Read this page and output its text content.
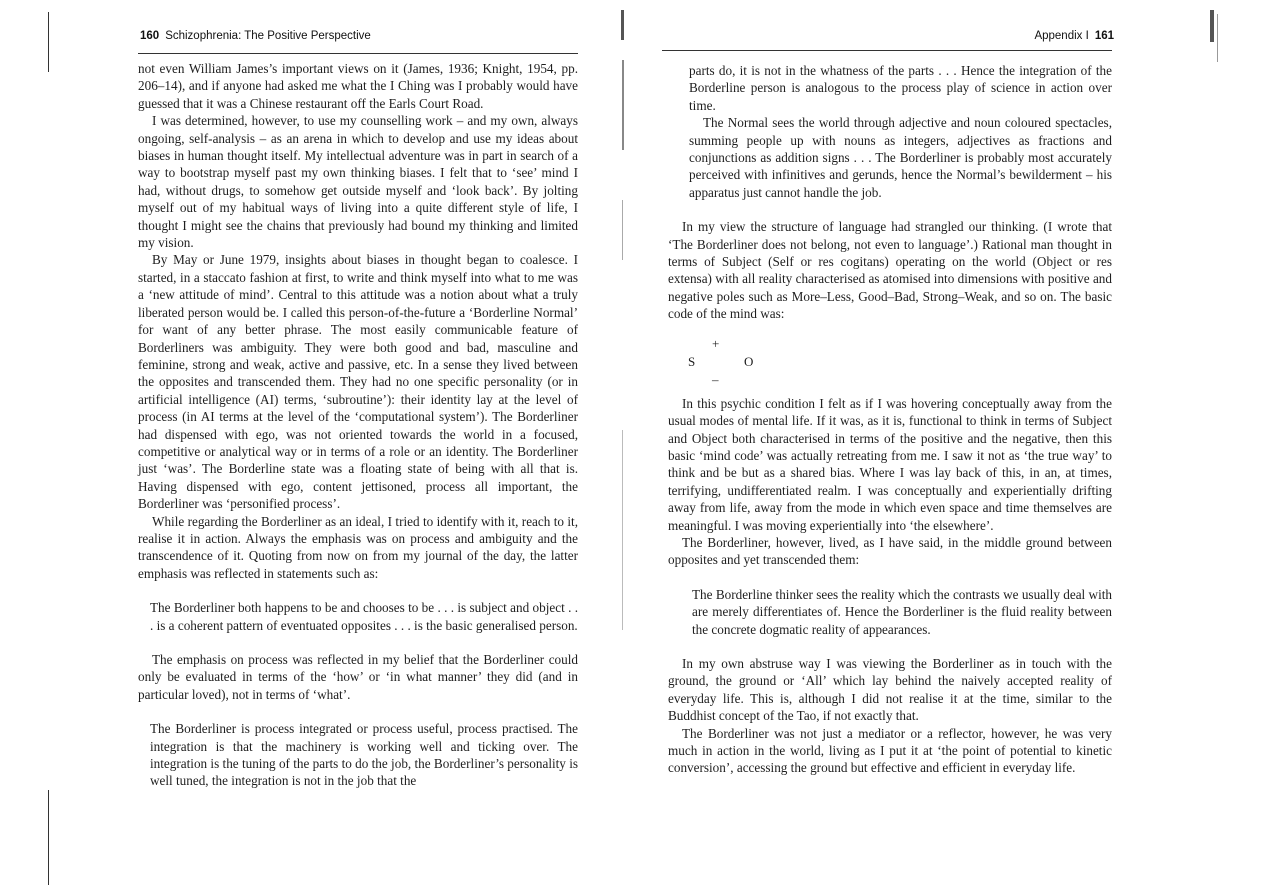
160 Schizophrenia: The Positive Perspective

not even William James’s important views on it (James, 1936; Knight, 1954, pp. 206–14), and if anyone had asked me what the I Ching was I probably would have guessed that it was a Chinese restaurant off the Earls Court Road.

I was determined, however, to use my counselling work – and my own, always ongoing, self-analysis – as an arena in which to develop and use my ideas about biases in human thought itself. My intellectual adventure was in part in search of a way to bootstrap myself past my own thinking biases. I felt that to ‘see’ mind I had, without drugs, to somehow get outside myself and ‘look back’. By jolting myself out of my habitual ways of living into a quite different style of life, I thought I might see the chains that previously had bound my thinking and limited my vision.

By May or June 1979, insights about biases in thought began to coalesce. I started, in a staccato fashion at first, to write and think myself into what to me was a ‘new attitude of mind’. Central to this attitude was a notion about what a truly liberated person would be. I called this person-of-the-future a ‘Borderline Normal’ for want of any better phrase. The most easily communicable feature of Borderliners was ambiguity. They were both good and bad, masculine and feminine, strong and weak, active and passive, etc. In a sense they lived between the opposites and transcended them. They had no one specific personality (or in artificial intelligence (AI) terms, ‘subroutine’): their identity lay at the level of process (in AI terms at the level of the ‘computational system’). The Borderliner had dispensed with ego, was not oriented towards the world in a focused, competitive or analytical way or in terms of a role or an identity. The Borderliner just ‘was’. The Borderline state was a floating state of being with all that is. Having dispensed with ego, content jettisoned, process all important, the Borderliner was ‘personified process’.

While regarding the Borderliner as an ideal, I tried to identify with it, reach to it, realise it in action. Always the emphasis was on process and ambiguity and the transcendence of it. Quoting from now on from my journal of the day, the latter emphasis was reflected in statements such as:

The Borderliner both happens to be and chooses to be . . . is subject and object . . . is a coherent pattern of eventuated opposites . . . is the basic generalised person.

The emphasis on process was reflected in my belief that the Borderliner could only be evaluated in terms of the ‘how’ or ‘in what manner’ they did (and in particular loved), not in terms of ‘what’.

The Borderliner is process integrated or process useful, process practised. The integration is that the machinery is working well and ticking over. The integration is the tuning of the parts to do the job, the Borderliner’s personality is well tuned, the integration is not in the job that the

Appendix I 161

parts do, it is not in the whatness of the parts . . . Hence the integration of the Borderline person is analogous to the process play of science in action over time.

The Normal sees the world through adjective and noun coloured spectacles, summing people up with nouns as integers, adjectives as fractions and conjunctions as addition signs . . . The Borderliner is probably most accurately perceived with infinitives and gerunds, hence the Normal’s bewilderment – his apparatus just cannot handle the job.

In my view the structure of language had strangled our thinking. (I wrote that ‘The Borderliner does not belong, not even to language’.) Rational man thought in terms of Subject (Self or res cogitans) operating on the world (Object or res extensa) with all reality characterised as atomised into dimensions with positive and negative poles such as More–Less, Good–Bad, Strong–Weak, and so on. The basic code of the mind was:

+
S	O
–

In this psychic condition I felt as if I was hovering conceptually away from the usual modes of mental life. If it was, as it is, functional to think in terms of Subject and Object both characterised in terms of the positive and the negative, then this basic ‘mind code’ was actually retreating from me. I saw it not as ‘the true way’ to think and be but as a shared bias. Where I was lay back of this, in an, at times, terrifying, undifferentiated realm. I was conceptually and experientially drifting away from life, away from the mode in which even space and time themselves are meaningful. I was moving experientially into ‘the elsewhere’.

The Borderliner, however, lived, as I have said, in the middle ground between opposites and yet transcended them:

The Borderline thinker sees the reality which the contrasts we usually deal with are merely differentiates of. Hence the Borderliner is the fluid reality between the concrete dogmatic reality of appearances.

In my own abstruse way I was viewing the Borderliner as in touch with the ground, the ground or ‘All’ which lay behind the naively accepted reality of everyday life. This is, although I did not realise it at the time, similar to the Buddhist concept of the Tao, if not exactly that.

The Borderliner was not just a mediator or a reflector, however, he was very much in action in the world, living as I put it at ‘the point of potential to kinetic conversion’, accessing the ground but effective and efficient in everyday life.
